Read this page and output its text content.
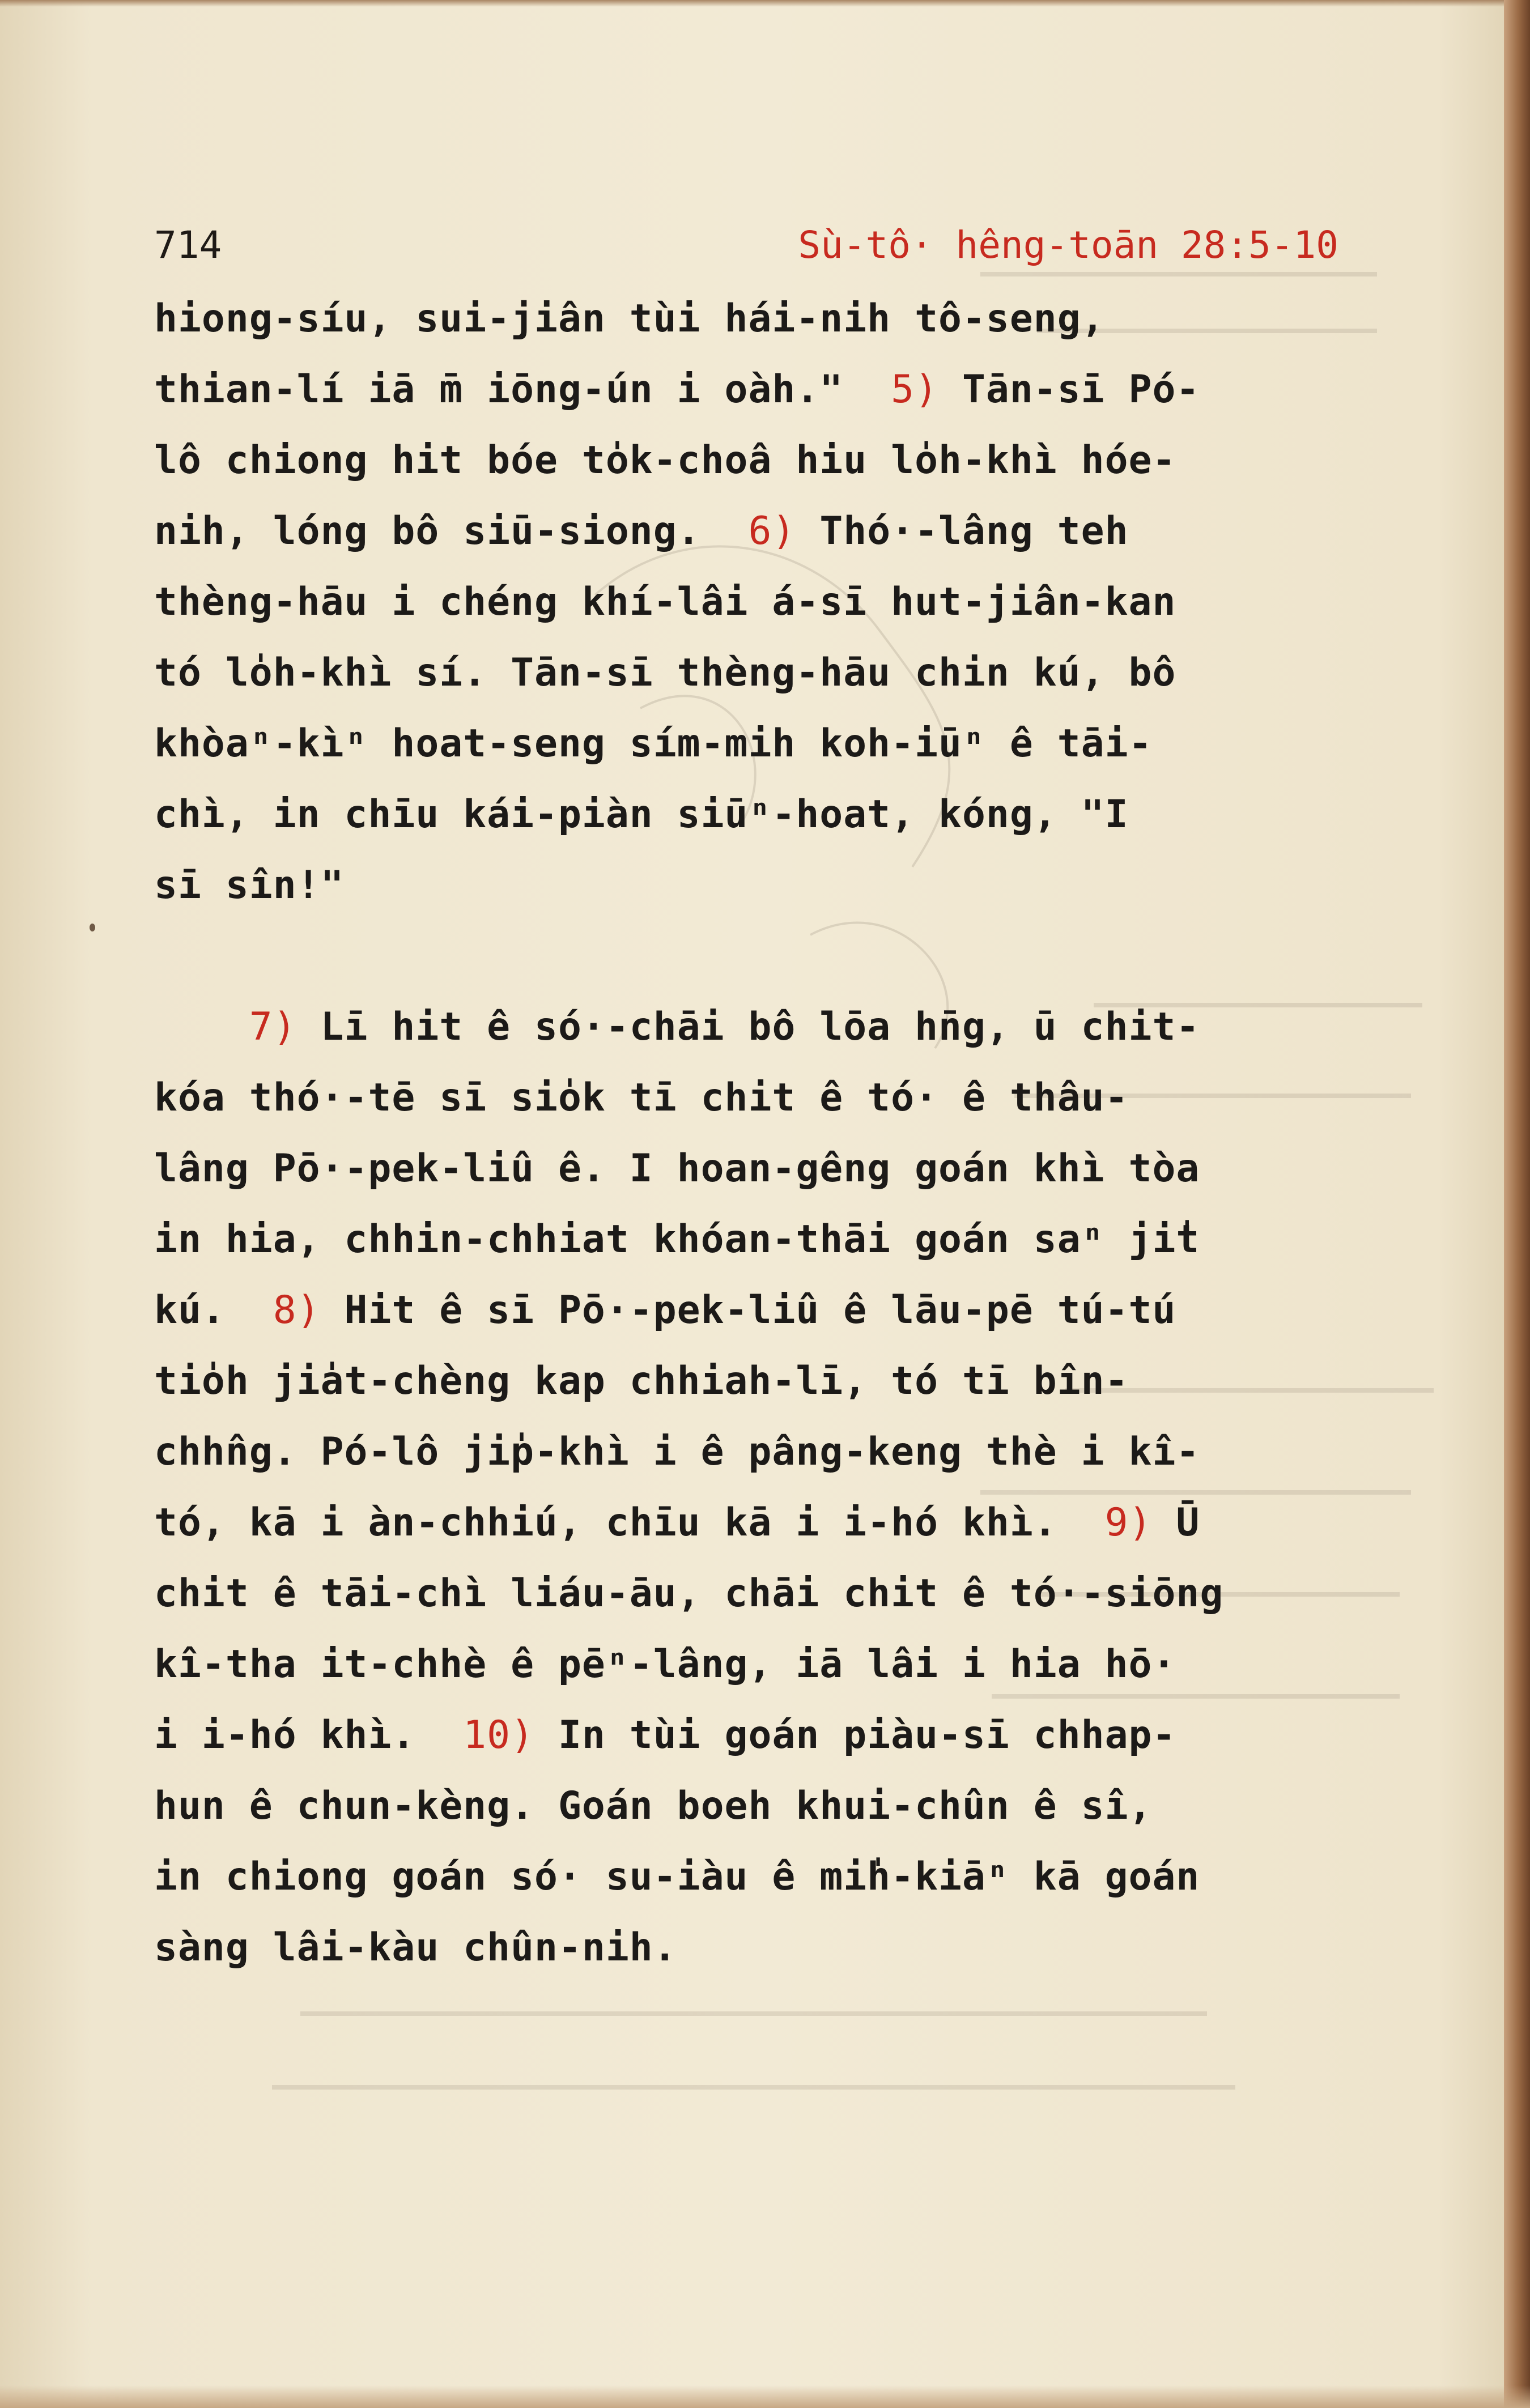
714	Sù-tô· hêng-toān 28:5-10
hiong-síu, sui-jiân tùi hái-nih tô-seng,
thian-lí iā m̄ iōng-ún i oàh."  5) Tān-sī Pó-
lô chiong hit bóe to̍k-choâ hiu lo̍h-khì hóe-
nih, lóng bô siū-siong.  6) Thó·-lâng teh
thèng-hāu i chéng khí-lâi á-sī hut-jiân-kan
tó lo̍h-khì sí. Tān-sī thèng-hāu chin kú, bô
khòaⁿ-kìⁿ hoat-seng sím-mih koh-iūⁿ ê tāi-
chì, in chīu kái-piàn siūⁿ-hoat, kóng, "I
sī sîn!"
7) Lī hit ê só·-chāi bô lōa hn̄g, ū chit-
kóa thó·-tē sī sio̍k tī chit ê tó· ê thâu-
lâng Pō·-pek-liû ê. I hoan-gêng goán khì tòa
in hia, chhin-chhiat khóan-thāi goán saⁿ ji̍t
kú.  8) Hit ê sī Pō·-pek-liû ê lāu-pē tú-tú
tio̍h jia̍t-chèng kap chhiah-lī, tó tī bîn-
chhn̂g. Pó-lô ji̍p-khì i ê pâng-keng thè i kî-
tó, kā i àn-chhiú, chīu kā i i-hó khì.  9) Ū
chit ê tāi-chì liáu-āu, chāi chit ê tó·-siōng
kî-tha it-chhè ê pēⁿ-lâng, iā lâi i hia hō·
i i-hó khì.  10) In tùi goán piàu-sī chhap-
hun ê chun-kèng. Goán boeh khui-chûn ê sî,
in chiong goán só· su-iàu ê mi̍h-kiāⁿ kā goán
sàng lâi-kàu chûn-nih.
